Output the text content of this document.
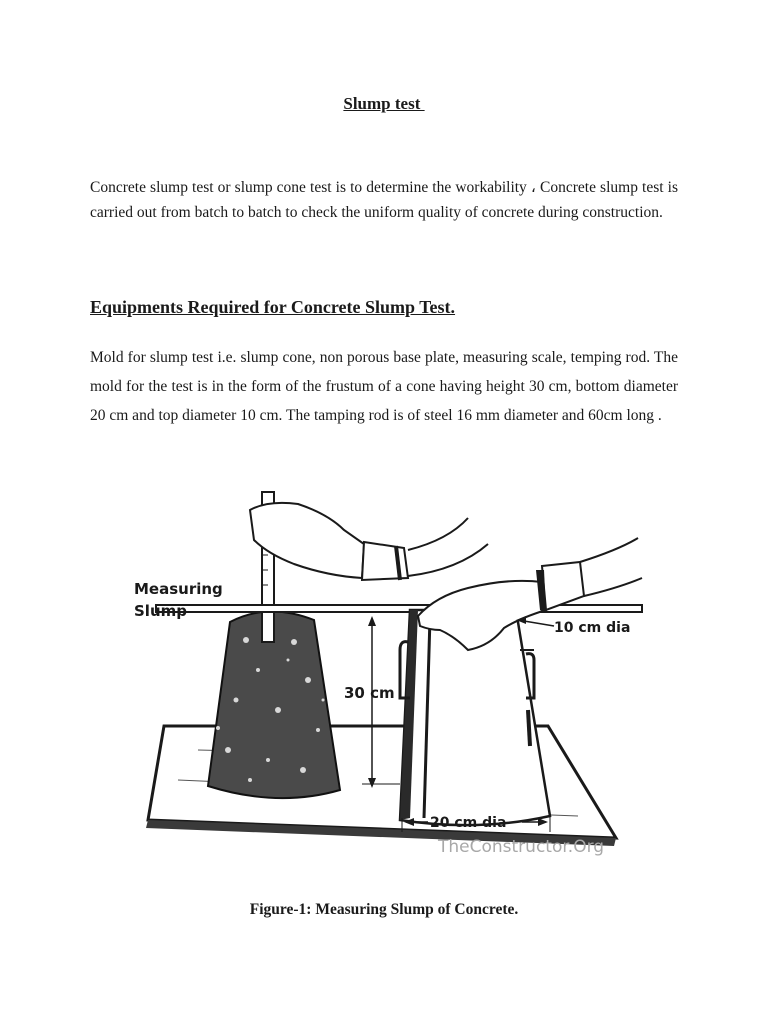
Slump test
Concrete slump test or slump cone test is to determine the workability ، Concrete slump test is carried out from batch to batch to check the uniform quality of concrete during construction.
Equipments Required for Concrete Slump Test.
Mold for slump test i.e. slump cone, non porous base plate, measuring scale, temping rod. The mold for the test is in the form of the frustum of a cone having height 30 cm, bottom diameter 20 cm and top diameter 10 cm. The tamping rod is of steel 16 mm diameter and 60cm long .
Measuring
Slump
30 cm
10 cm dia
20 cm dia
TheConstructor.Org
Figure-1: Measuring Slump of Concrete.
